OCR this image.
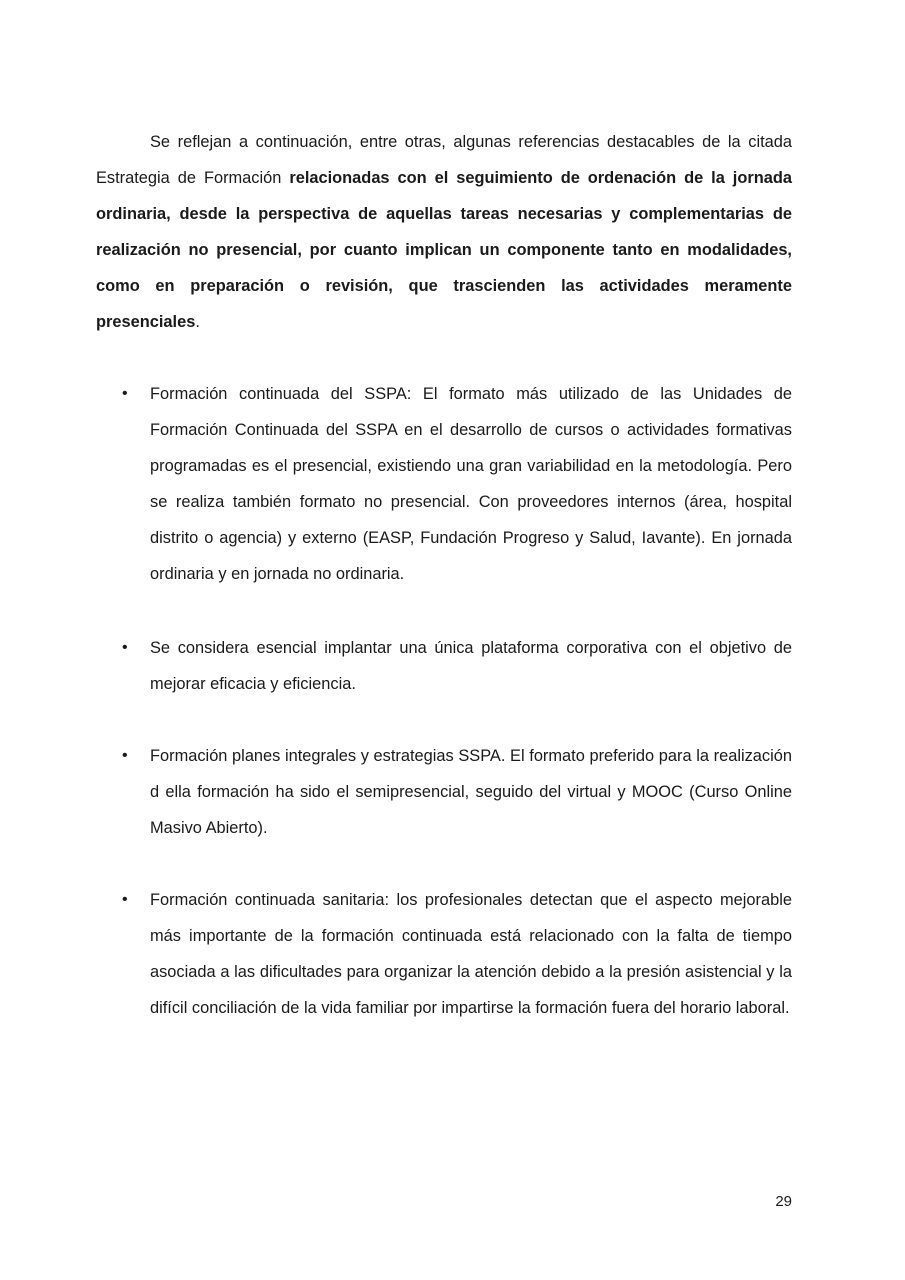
Se reflejan a continuación, entre otras, algunas referencias destacables de la citada Estrategia de Formación relacionadas con el seguimiento de ordenación de la jornada ordinaria, desde la perspectiva de aquellas tareas necesarias y complementarias de realización no presencial, por cuanto implican un componente tanto en modalidades, como en preparación o revisión, que trascienden las actividades meramente presenciales.

• Formación continuada del SSPA: El formato más utilizado de las Unidades de Formación Continuada del SSPA en el desarrollo de cursos o actividades formativas programadas es el presencial, existiendo una gran variabilidad en la metodología. Pero se realiza también formato no presencial. Con proveedores internos (área, hospital distrito o agencia) y externo (EASP, Fundación Progreso y Salud, Iavante). En jornada ordinaria y en jornada no ordinaria.

• Se considera esencial implantar una única plataforma corporativa con el objetivo de mejorar eficacia y eficiencia.

• Formación planes integrales y estrategias SSPA. El formato preferido para la realización d ella formación ha sido el semipresencial, seguido del virtual y MOOC (Curso Online Masivo Abierto).

• Formación continuada sanitaria: los profesionales detectan que el aspecto mejorable más importante de la formación continuada está relacionado con la falta de tiempo asociada a las dificultades para organizar la atención debido a la presión asistencial y la difícil conciliación de la vida familiar por impartirse la formación fuera del horario laboral.

29
